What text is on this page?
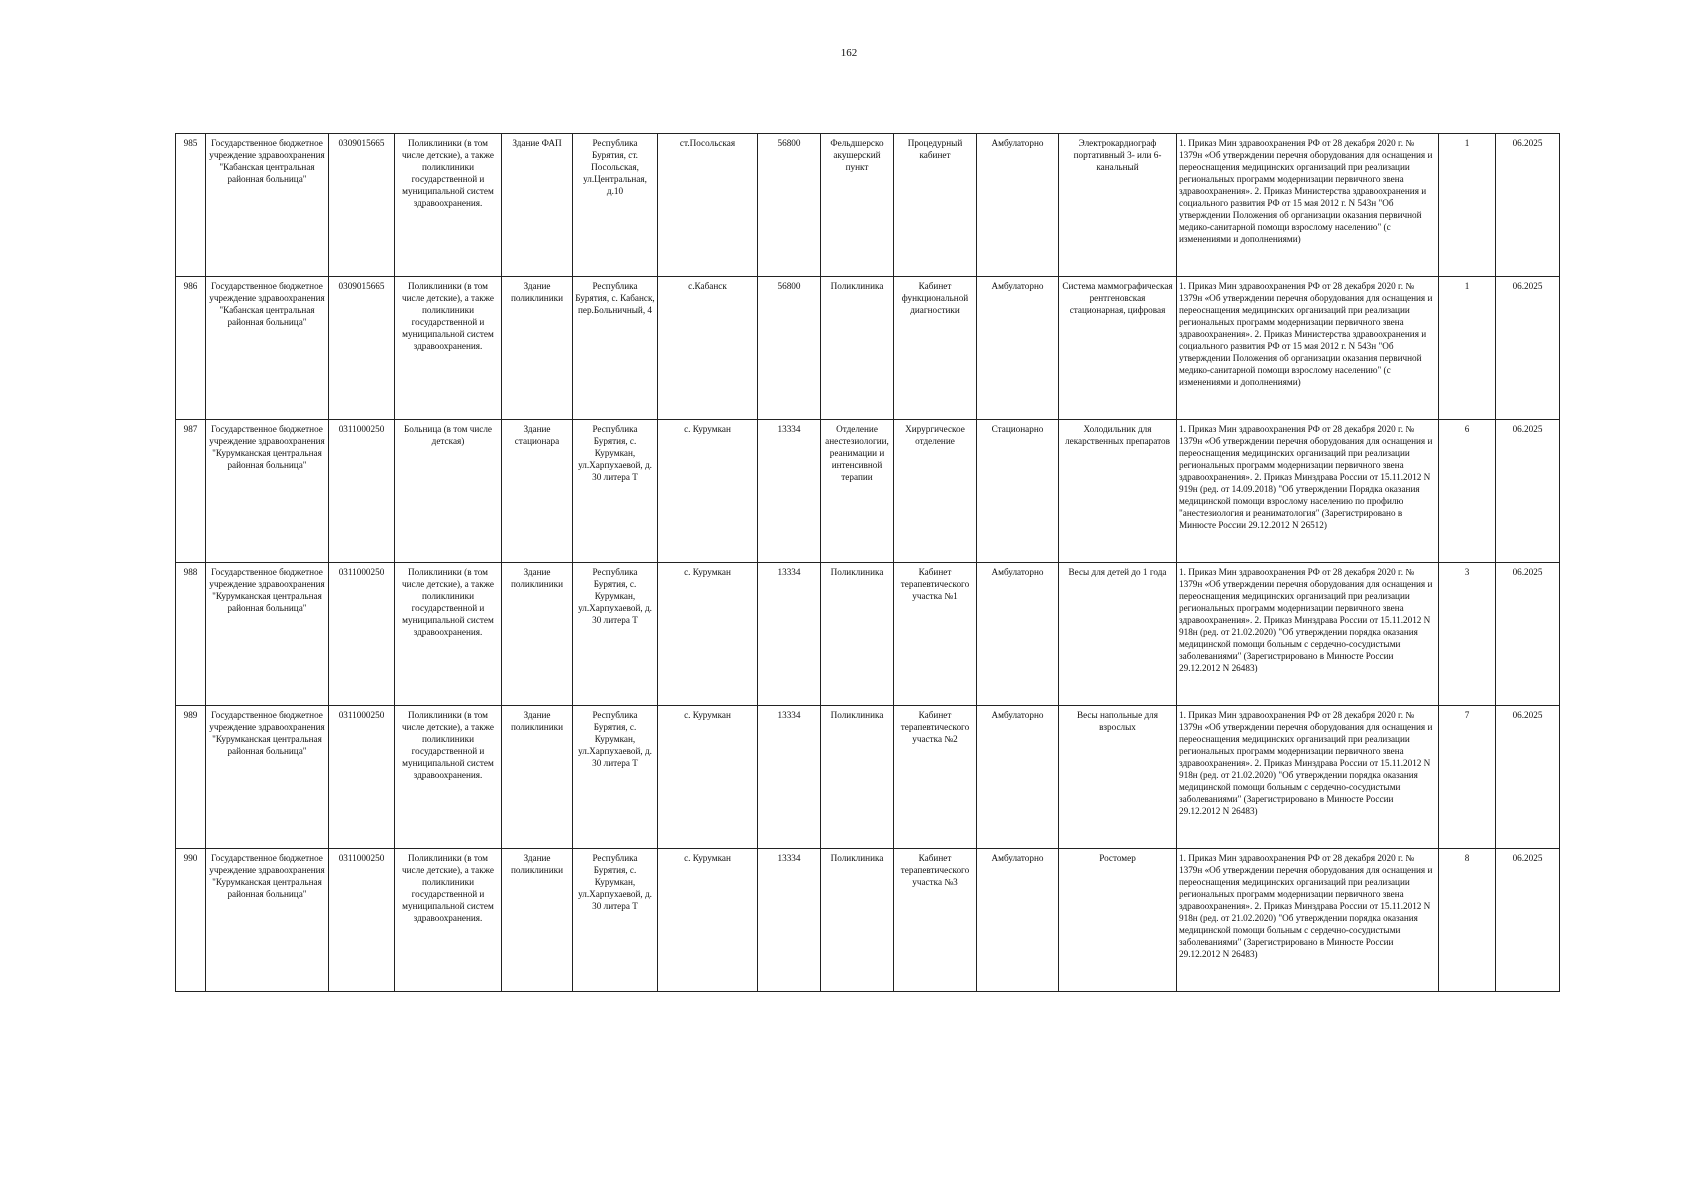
162
985	Государственное бюджетное учреждение здравоохранения "Кабанская центральная районная больница"	0309015665	Поликлиники (в том числе детские), а также поликлиники государственной и муниципальной систем здравоохранения.	Здание ФАП	Республика Бурятия, ст. Посольская, ул.Центральная, д.10	ст.Посольская	56800	Фельдшерско акушерский пункт	Процедурный кабинет	Амбулаторно	Электрокардиограф портативный 3- или 6-канальный	1. Приказ Мин здравоохранения РФ от 28 декабря 2020 г. № 1379н «Об утверждении перечня оборудования для оснащения и переоснащения медицинских организаций при реализации региональных программ модернизации первичного звена здравоохранения». 2. Приказ Министерства здравоохранения и социального развития РФ от 15 мая 2012 г. N 543н "Об утверждении Положения об организации оказания первичной медико-санитарной помощи взрослому населению" (с изменениями и дополнениями)	1	06.2025
986	Государственное бюджетное учреждение здравоохранения "Кабанская центральная районная больница"	0309015665	Поликлиники (в том числе детские), а также поликлиники государственной и муниципальной систем здравоохранения.	Здание поликлиники	Республика Бурятия, с. Кабанск, пер.Больничный, 4	с.Кабанск	56800	Поликлиника	Кабинет функциональной диагностики	Амбулаторно	Система маммографическая рентгеновская стационарная, цифровая	1. Приказ Мин здравоохранения РФ от 28 декабря 2020 г. № 1379н «Об утверждении перечня оборудования для оснащения и переоснащения медицинских организаций при реализации региональных программ модернизации первичного звена здравоохранения». 2. Приказ Министерства здравоохранения и социального развития РФ от 15 мая 2012 г. N 543н "Об утверждении Положения об организации оказания первичной медико-санитарной помощи взрослому населению" (с изменениями и дополнениями)	1	06.2025
987	Государственное бюджетное учреждение здравоохранения "Курумканская центральная районная больница"	0311000250	Больница (в том числе детская)	Здание стационара	Республика Бурятия, с. Курумкан, ул.Харпухаевой, д. 30 литера Т	с. Курумкан	13334	Отделение анестезиологии, реанимации и интенсивной терапии	Хирургическое отделение	Стационарно	Холодильник для лекарственных препаратов	1. Приказ Мин здравоохранения РФ от 28 декабря 2020 г. № 1379н «Об утверждении перечня оборудования для оснащения и переоснащения медицинских организаций при реализации региональных программ модернизации первичного звена здравоохранения». 2. Приказ Минздрава России от 15.11.2012 N 919н (ред. от 14.09.2018) "Об утверждении Порядка оказания медицинской помощи взрослому населению по профилю "анестезиология и реаниматология" (Зарегистрировано в Минюсте России 29.12.2012 N 26512)	6	06.2025
988	Государственное бюджетное учреждение здравоохранения "Курумканская центральная районная больница"	0311000250	Поликлиники (в том числе детские), а также поликлиники государственной и муниципальной систем здравоохранения.	Здание поликлиники	Республика Бурятия, с. Курумкан, ул.Харпухаевой, д. 30 литера Т	с. Курумкан	13334	Поликлиника	Кабинет терапевтического участка №1	Амбулаторно	Весы для детей до 1 года	1. Приказ Мин здравоохранения РФ от 28 декабря 2020 г. № 1379н «Об утверждении перечня оборудования для оснащения и переоснащения медицинских организаций при реализации региональных программ модернизации первичного звена здравоохранения». 2. Приказ Минздрава России от 15.11.2012 N 918н (ред. от 21.02.2020) "Об утверждении порядка оказания медицинской помощи больным с сердечно-сосудистыми заболеваниями" (Зарегистрировано в Минюсте России 29.12.2012 N 26483)	3	06.2025
989	Государственное бюджетное учреждение здравоохранения "Курумканская центральная районная больница"	0311000250	Поликлиники (в том числе детские), а также поликлиники государственной и муниципальной систем здравоохранения.	Здание поликлиники	Республика Бурятия, с. Курумкан, ул.Харпухаевой, д. 30 литера Т	с. Курумкан	13334	Поликлиника	Кабинет терапевтического участка №2	Амбулаторно	Весы напольные для взрослых	1. Приказ Мин здравоохранения РФ от 28 декабря 2020 г. № 1379н «Об утверждении перечня оборудования для оснащения и переоснащения медицинских организаций при реализации региональных программ модернизации первичного звена здравоохранения». 2. Приказ Минздрава России от 15.11.2012 N 918н (ред. от 21.02.2020) "Об утверждении порядка оказания медицинской помощи больным с сердечно-сосудистыми заболеваниями" (Зарегистрировано в Минюсте России 29.12.2012 N 26483)	7	06.2025
990	Государственное бюджетное учреждение здравоохранения "Курумканская центральная районная больница"	0311000250	Поликлиники (в том числе детские), а также поликлиники государственной и муниципальной систем здравоохранения.	Здание поликлиники	Республика Бурятия, с. Курумкан, ул.Харпухаевой, д. 30 литера Т	с. Курумкан	13334	Поликлиника	Кабинет терапевтического участка №3	Амбулаторно	Ростомер	1. Приказ Мин здравоохранения РФ от 28 декабря 2020 г. № 1379н «Об утверждении перечня оборудования для оснащения и переоснащения медицинских организаций при реализации региональных программ модернизации первичного звена здравоохранения». 2. Приказ Минздрава России от 15.11.2012 N 918н (ред. от 21.02.2020) "Об утверждении порядка оказания медицинской помощи больным с сердечно-сосудистыми заболеваниями" (Зарегистрировано в Минюсте России 29.12.2012 N 26483)	8	06.2025
